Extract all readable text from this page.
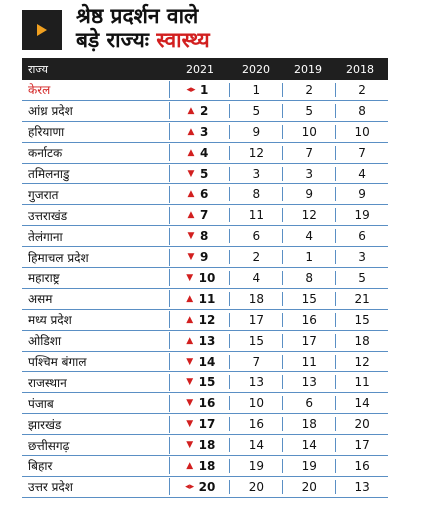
श्रेष्ठ प्रदर्शन वाले
बड़े राज्यः स्वास्थ्य
राज्य	2021	2020	2019	2018
केरल	◂▸ 1	1	2	2
आंध्र प्रदेश	▲ 2	5	5	8
हरियाणा	▲ 3	9	10	10
कर्नाटक	▲ 4	12	7	7
तमिलनाडु	▼ 5	3	3	4
गुजरात	▲ 6	8	9	9
उत्तराखंड	▲ 7	11	12	19
तेलंगाना	▼ 8	6	4	6
हिमाचल प्रदेश	▼ 9	2	1	3
महाराष्ट्र	▼ 10	4	8	5
असम	▲ 11	18	15	21
मध्य प्रदेश	▲ 12	17	16	15
ओडिशा	▲ 13	15	17	18
पश्चिम बंगाल	▼ 14	7	11	12
राजस्थान	▼ 15	13	13	11
पंजाब	▼ 16	10	6	14
झारखंड	▼ 17	16	18	20
छत्तीसगढ़	▼ 18	14	14	17
बिहार	▲ 18	19	19	16
उत्तर प्रदेश	◂▸ 20	20	20	13
